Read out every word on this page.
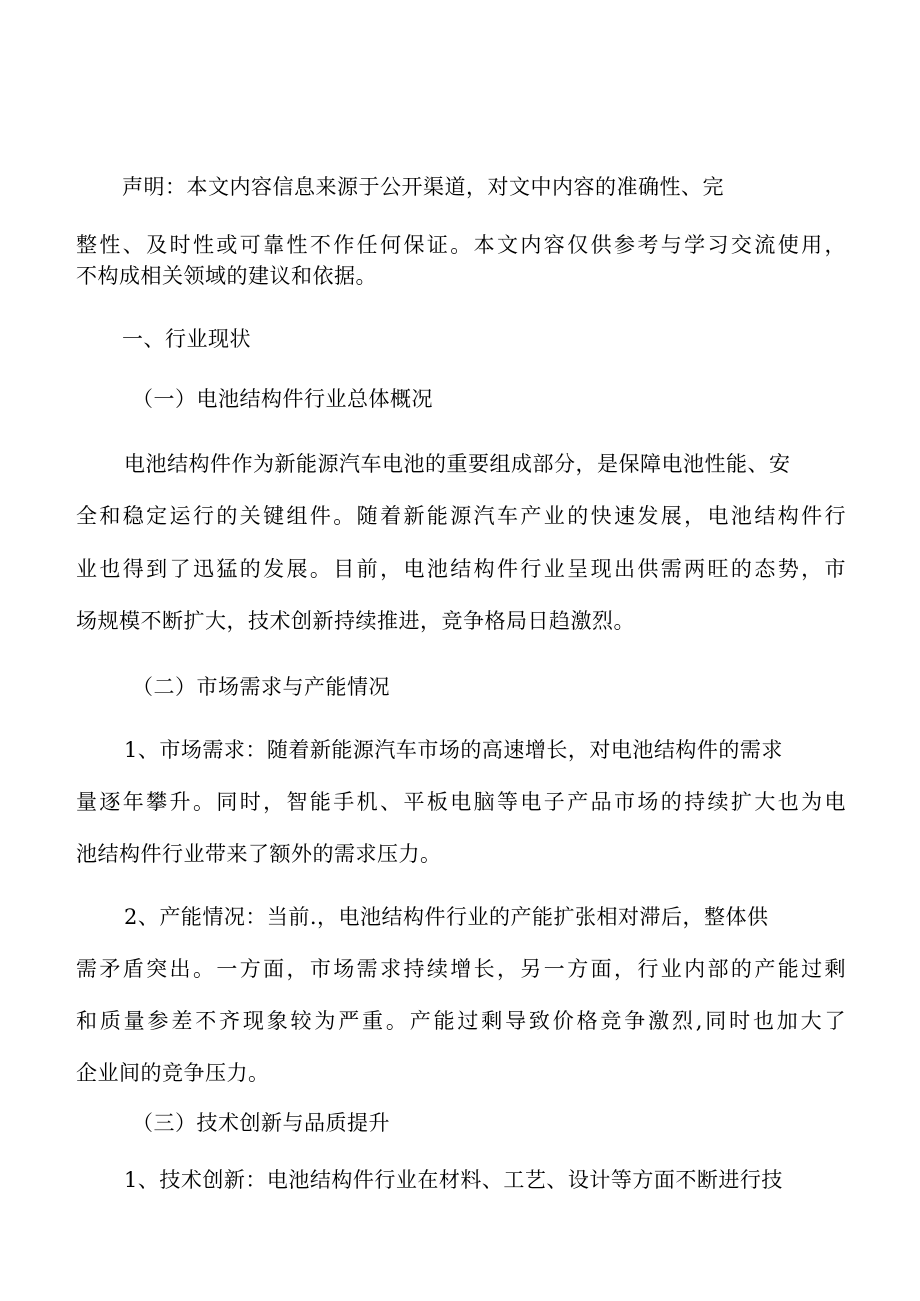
声明：本文内容信息来源于公开渠道，对文中内容的准确性、完
整性、及时性或可靠性不作任何保证。本文内容仅供参考与学习交流使用，
不构成相关领域的建议和依据。
一、行业现状
（一）电池结构件行业总体概况
电池结构件作为新能源汽车电池的重要组成部分，是保障电池性能、安
全和稳定运行的关键组件。随着新能源汽车产业的快速发展，电池结构件行
业也得到了迅猛的发展。目前，电池结构件行业呈现出供需两旺的态势，市
场规模不断扩大，技术创新持续推进，竞争格局日趋激烈。
（二）市场需求与产能情况
1、市场需求：随着新能源汽车市场的高速增长，对电池结构件的需求
量逐年攀升。同时，智能手机、平板电脑等电子产品市场的持续扩大也为电
池结构件行业带来了额外的需求压力。
2、产能情况：当前.，电池结构件行业的产能扩张相对滞后，整体供
需矛盾突出。一方面，市场需求持续增长，另一方面，行业内部的产能过剩
和质量参差不齐现象较为严重。产能过剩导致价格竞争激烈,同时也加大了
企业间的竞争压力。
（三）技术创新与品质提升
1、技术创新：电池结构件行业在材料、工艺、设计等方面不断进行技
